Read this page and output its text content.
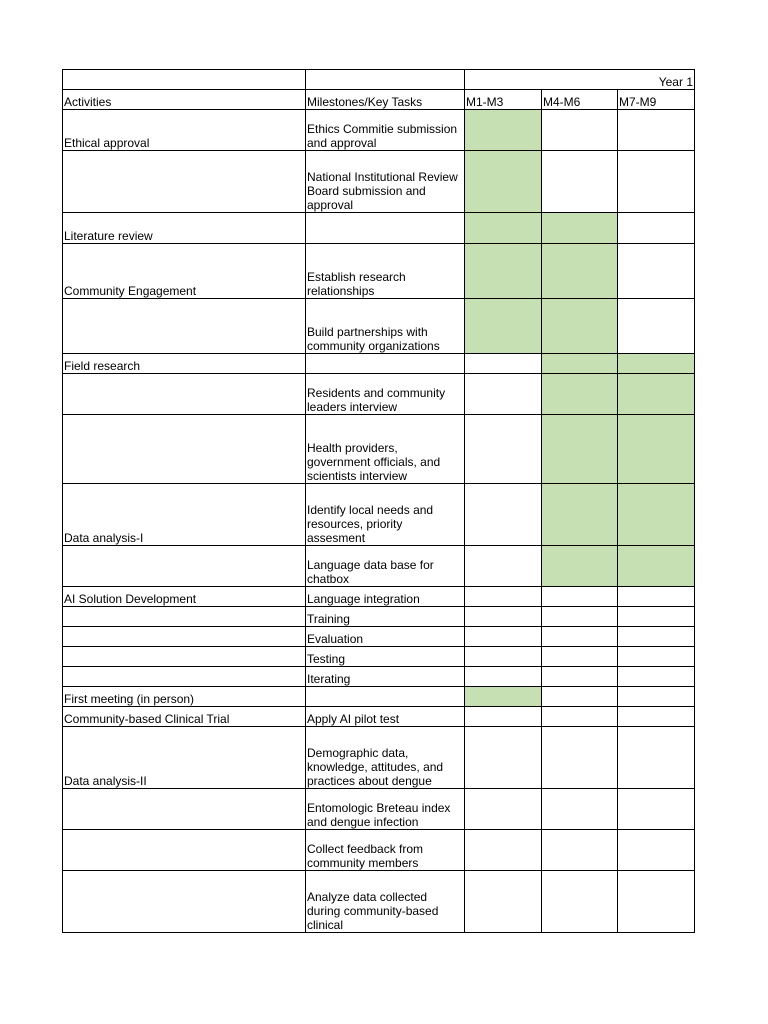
		Year 1		
Activities	Milestones/Key Tasks	M1-M3	M4-M6	M7-M9
Ethical approval	Ethics Commitie submission and approval			
	National Institutional Review Board submission and approval			
Literature review				
Community Engagement	Establish research relationships			
	Build partnerships with community organizations			
Field research				
	Residents and community leaders interview			
	Health providers, government officials, and scientists interview			
Data analysis-I	Identify local needs and resources, priority assesment			
	Language data base for chatbox			
AI Solution Development	Language integration			
	Training			
	Evaluation			
	Testing			
	Iterating			
First meeting (in person)				
Community-based Clinical Trial	Apply AI pilot test			
Data analysis-II	Demographic data, knowledge, attitudes, and practices about dengue			
	Entomologic Breteau index and dengue infection			
	Collect feedback from community members			
	Analyze data collected during community-based clinical			
